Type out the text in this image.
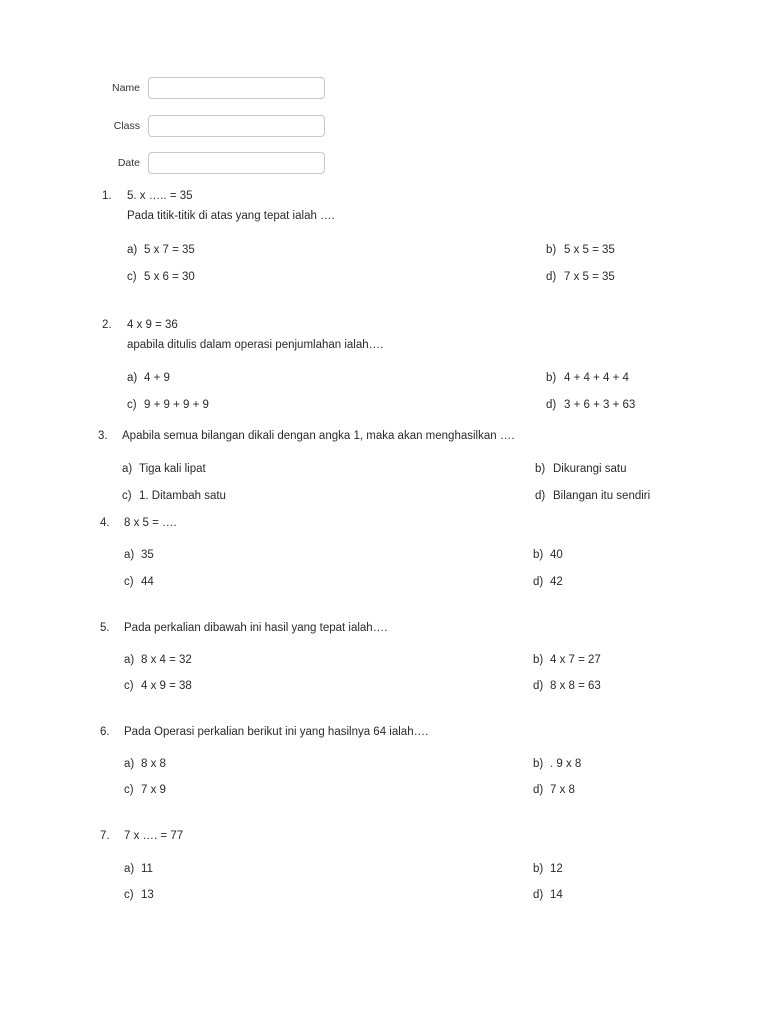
Name
Class
Date
1. 5. x ….. = 35
Pada titik-titik di atas yang tepat ialah ….
a) 5 x 7 = 35	b) 5 x 5 = 35
c) 5 x 6 = 30	d) 7 x 5 = 35
2. 4 x 9 = 36
apabila ditulis dalam operasi penjumlahan ialah….
a) 4 + 9	b) 4 + 4 + 4 + 4
c) 9 + 9 + 9 + 9	d) 3 + 6 + 3 + 63
3. Apabila semua bilangan dikali dengan angka 1, maka akan menghasilkan ….
a) Tiga kali lipat	b) Dikurangi satu
c) 1. Ditambah satu	d) Bilangan itu sendiri
4. 8 x 5 = ….
a) 35	b) 40
c) 44	d) 42
5. Pada perkalian dibawah ini hasil yang tepat ialah….
a) 8 x 4 = 32	b) 4 x 7 = 27
c) 4 x 9 = 38	d) 8 x 8 = 63
6. Pada Operasi perkalian berikut ini yang hasilnya 64 ialah….
a) 8 x 8	b) . 9 x 8
c) 7 x 9	d) 7 x 8
7. 7 x …. = 77
a) 11	b) 12
c) 13	d) 14
